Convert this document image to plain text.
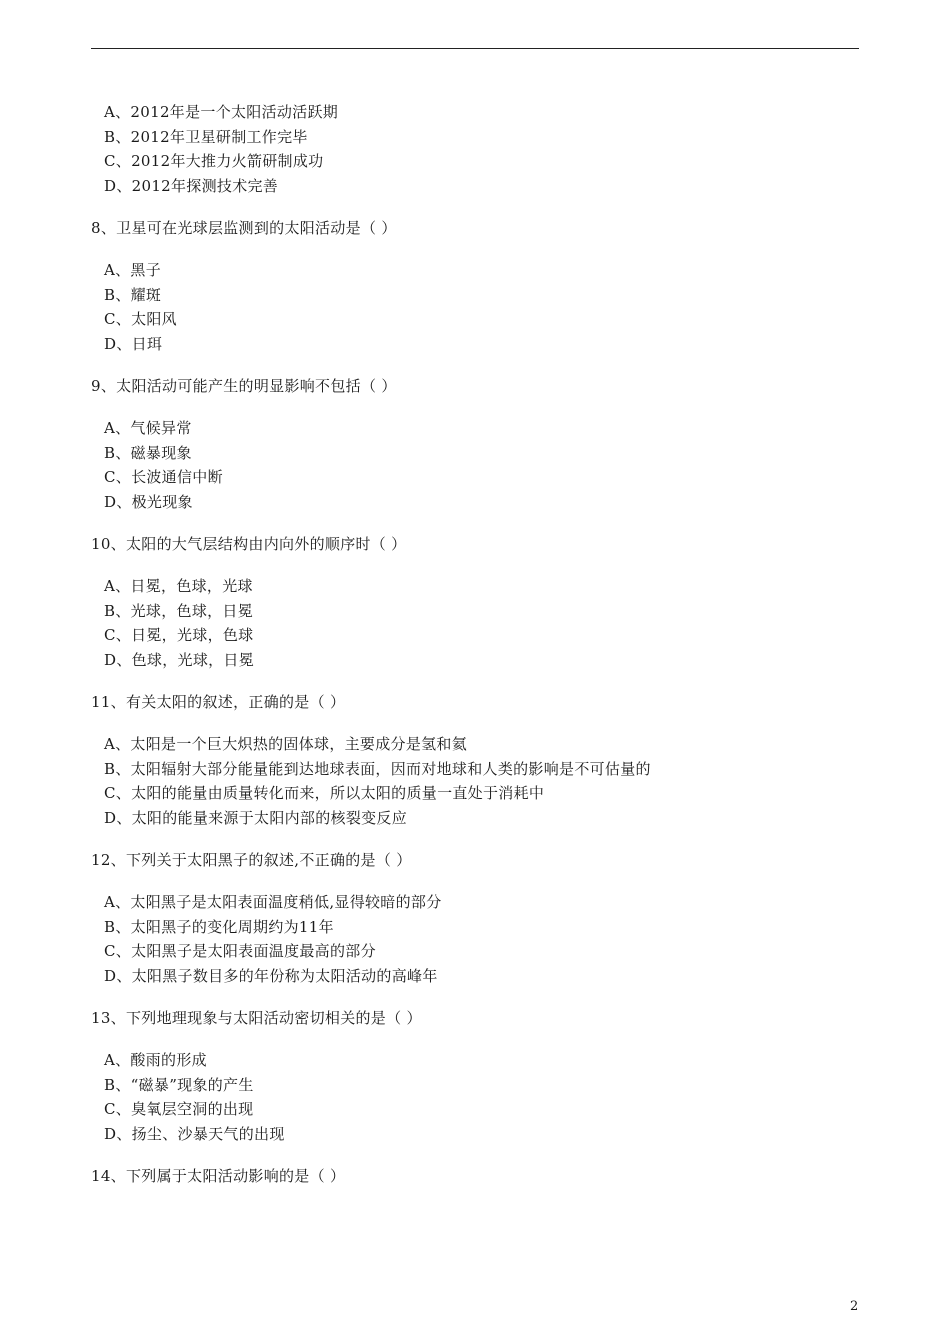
A、2012年是一个太阳活动活跃期
B、2012年卫星研制工作完毕
C、2012年大推力火箭研制成功
D、2012年探测技术完善
8、卫星可在光球层监测到的太阳活动是（ ）
A、黑子
B、耀斑
C、太阳风
D、日珥
9、太阳活动可能产生的明显影响不包括（ ）
A、气候异常
B、磁暴现象
C、长波通信中断
D、极光现象
10、太阳的大气层结构由内向外的顺序时（ ）
A、日冕，色球，光球
B、光球，色球，日冕
C、日冕，光球，色球
D、色球，光球，日冕
11、有关太阳的叙述，正确的是（ ）
A、太阳是一个巨大炽热的固体球，主要成分是氢和氦
B、太阳辐射大部分能量能到达地球表面，因而对地球和人类的影响是不可估量的
C、太阳的能量由质量转化而来，所以太阳的质量一直处于消耗中
D、太阳的能量来源于太阳内部的核裂变反应
12、下列关于太阳黑子的叙述,不正确的是（ ）
A、太阳黑子是太阳表面温度稍低,显得较暗的部分
B、太阳黑子的变化周期约为11年
C、太阳黑子是太阳表面温度最高的部分
D、太阳黑子数目多的年份称为太阳活动的高峰年
13、下列地理现象与太阳活动密切相关的是（ ）
A、酸雨的形成
B、“磁暴”现象的产生
C、臭氧层空洞的出现
D、扬尘、沙暴天气的出现
14、下列属于太阳活动影响的是（ ）
2
